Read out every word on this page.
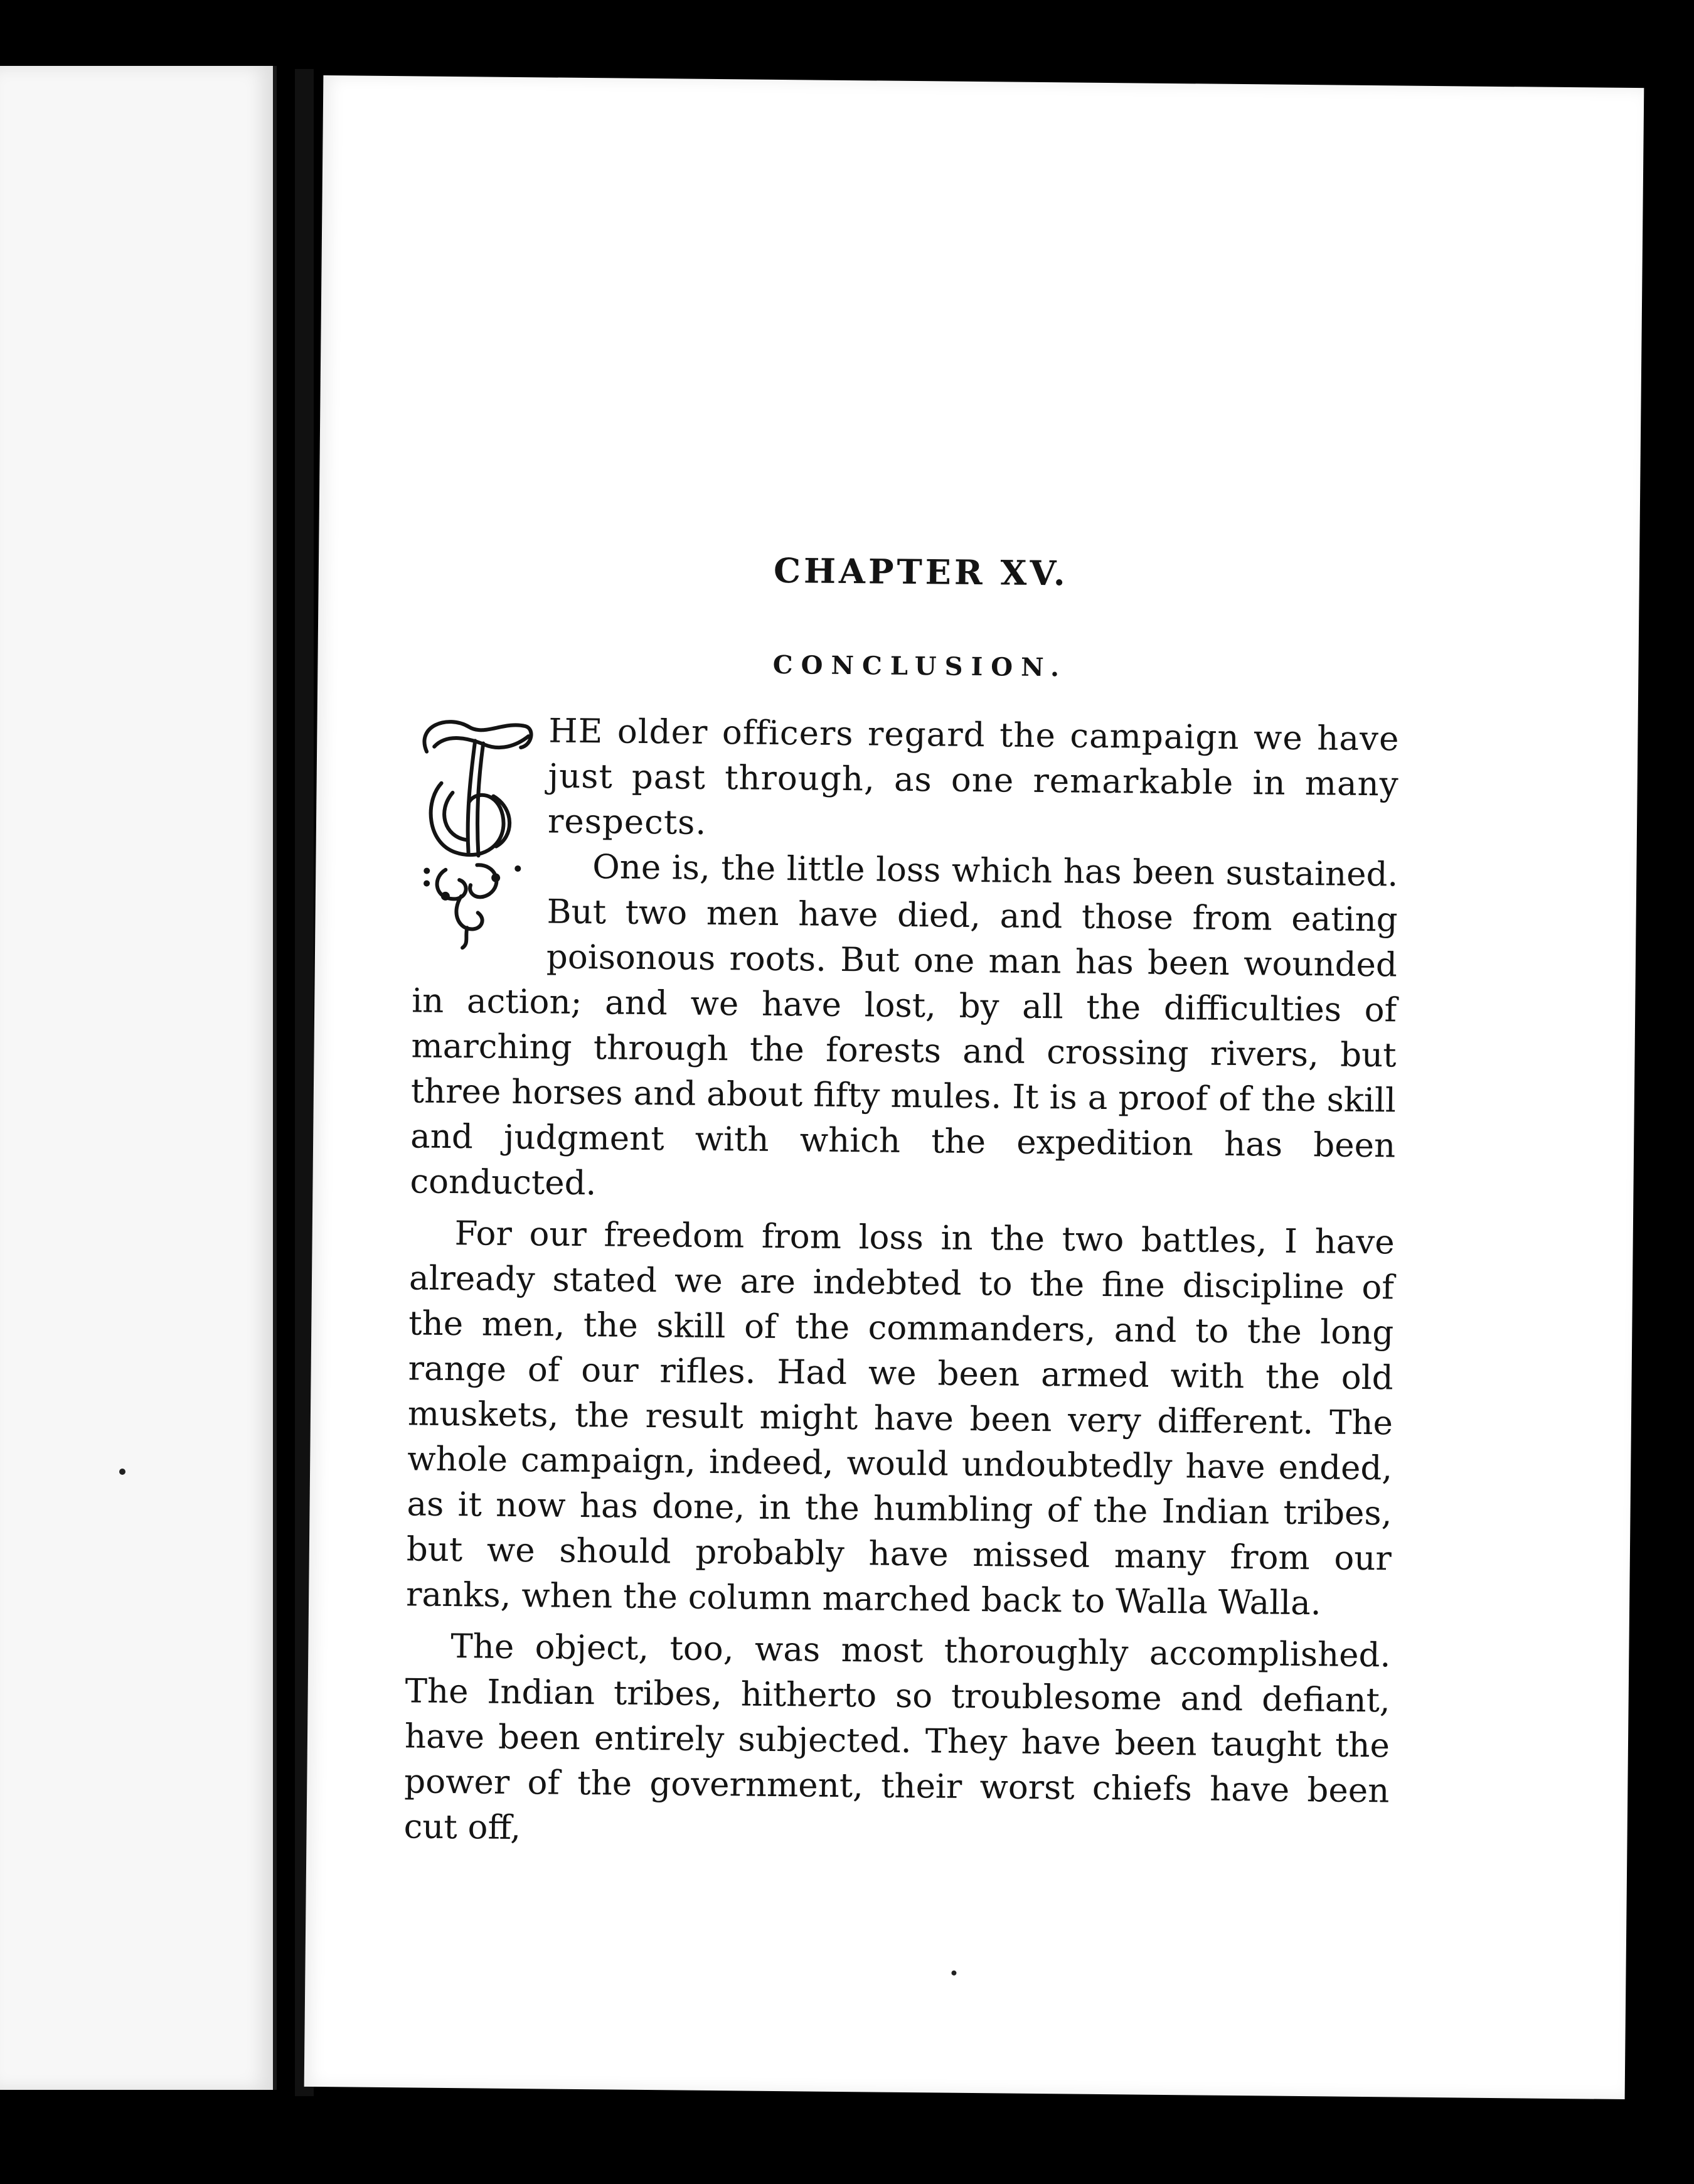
CHAPTER XV.
CONCLUSION.

HE older officers regard the campaign we have just past through, as one remarkable in many respects.

One is, the little loss which has been sustained. But two men have died, and those from eating poisonous roots. But one man has been wounded in action; and we have lost, by all the difficulties of marching through the forests and crossing rivers, but three horses and about fifty mules. It is a proof of the skill and judgment with which the expedition has been conducted.

For our freedom from loss in the two battles, I have already stated we are indebted to the fine discipline of the men, the skill of the commanders, and to the long range of our rifles. Had we been armed with the old muskets, the result might have been very different. The whole campaign, indeed, would undoubtedly have ended, as it now has done, in the humbling of the Indian tribes, but we should probably have missed many from our ranks, when the column marched back to Walla Walla.

The object, too, was most thoroughly accomplished. The Indian tribes, hitherto so troublesome and defiant, have been entirely subjected. They have been taught the power of the government, their worst chiefs have been cut off,
